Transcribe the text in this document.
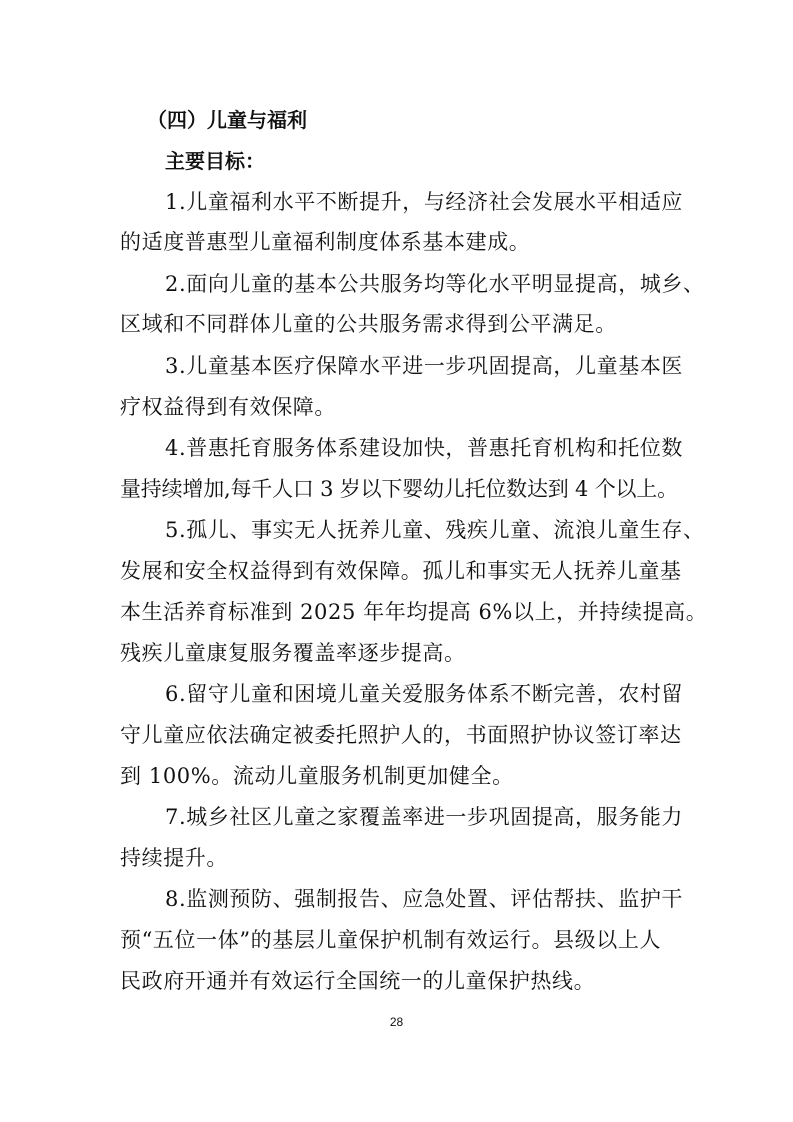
（四）儿童与福利
主要目标：
1.儿童福利水平不断提升，与经济社会发展水平相适应
的适度普惠型儿童福利制度体系基本建成。
2.面向儿童的基本公共服务均等化水平明显提高，城乡、
区域和不同群体儿童的公共服务需求得到公平满足。
3.儿童基本医疗保障水平进一步巩固提高，儿童基本医
疗权益得到有效保障。
4.普惠托育服务体系建设加快，普惠托育机构和托位数
量持续增加,每千人口 3 岁以下婴幼儿托位数达到 4 个以上。
5.孤儿、事实无人抚养儿童、残疾儿童、流浪儿童生存、
发展和安全权益得到有效保障。孤儿和事实无人抚养儿童基
本生活养育标准到 2025 年年均提高 6%以上，并持续提高。
残疾儿童康复服务覆盖率逐步提高。
6.留守儿童和困境儿童关爱服务体系不断完善，农村留
守儿童应依法确定被委托照护人的，书面照护协议签订率达
到 100%。流动儿童服务机制更加健全。
7.城乡社区儿童之家覆盖率进一步巩固提高，服务能力
持续提升。
8.监测预防、强制报告、应急处置、评估帮扶、监护干
预“五位一体”的基层儿童保护机制有效运行。县级以上人
民政府开通并有效运行全国统一的儿童保护热线。
28
